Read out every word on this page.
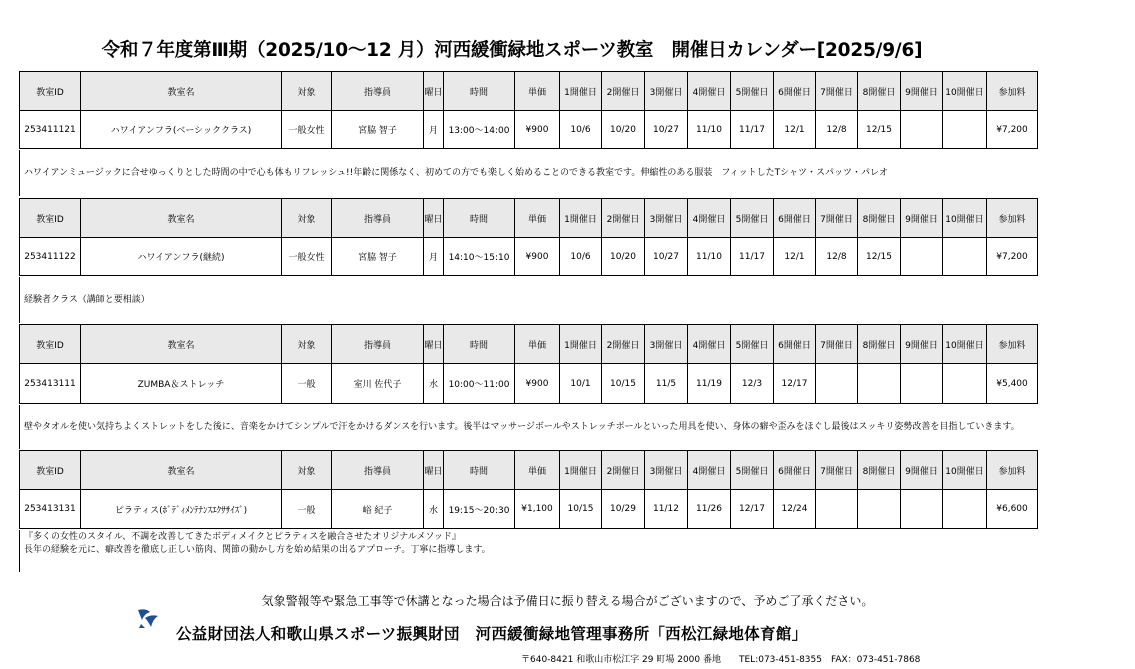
令和７年度第Ⅲ期（2025/10～12 月）河西緩衝緑地スポーツ教室　開催日カレンダー[2025/9/6]
教室ID	教室名	対象	指導員	曜日	時間	単価	1開催日	2開催日	3開催日	4開催日	5開催日	6開催日	7開催日	8開催日	9開催日	10開催日	参加料
253411121	ハワイアンフラ(ベーシッククラス)	一般女性	宮脇 智子	月	13:00～14:00	¥900	10/6	10/20	10/27	11/10	11/17	12/1	12/8	12/15			¥7,200
ハワイアンミュージックに合せゆっくりとした時間の中で心も体もリフレッシュ!!年齢に関係なく、初めての方でも楽しく始めることのできる教室です。伸縮性のある服装　フィットしたTシャツ・スパッツ・パレオ
教室ID	教室名	対象	指導員	曜日	時間	単価	1開催日	2開催日	3開催日	4開催日	5開催日	6開催日	7開催日	8開催日	9開催日	10開催日	参加料
253411122	ハワイアンフラ(継続)	一般女性	宮脇 智子	月	14:10～15:10	¥900	10/6	10/20	10/27	11/10	11/17	12/1	12/8	12/15			¥7,200
経験者クラス（講師と要相談）
教室ID	教室名	対象	指導員	曜日	時間	単価	1開催日	2開催日	3開催日	4開催日	5開催日	6開催日	7開催日	8開催日	9開催日	10開催日	参加料
253413111	ZUMBA＆ストレッチ	一般	室川 佐代子	水	10:00～11:00	¥900	10/1	10/15	11/5	11/19	12/3	12/17					¥5,400
壁やタオルを使い気持ちよくストレットをした後に、音楽をかけてシンプルで汗をかけるダンスを行います。後半はマッサージボールやストレッチポールといった用具を使い、身体の癖や歪みをほぐし最後はスッキリ姿勢改善を目指していきます。
教室ID	教室名	対象	指導員	曜日	時間	単価	1開催日	2開催日	3開催日	4開催日	5開催日	6開催日	7開催日	8開催日	9開催日	10開催日	参加料
253413131	ピラティス(ﾎﾞﾃﾞｨﾒﾝﾃﾅﾝｽｴｸｻｻｲｽﾞ)	一般	峪 紀子	水	19:15～20:30	¥1,100	10/15	10/29	11/12	11/26	12/17	12/24					¥6,600
『多くの女性のスタイル、不調を改善してきたボディメイクとピラティスを融合させたオリジナルメソッド』
長年の経験を元に、癖改善を徹底し正しい筋肉、関節の動かし方を始め結果の出るアプローチ。丁寧に指導します。
気象警報等や緊急工事等で休講となった場合は予備日に振り替える場合がございますので、予めご了承ください。
公益財団法人和歌山県スポーツ振興財団　河西緩衝緑地管理事務所「西松江緑地体育館」
〒640-8421 和歌山市松江字 29 町場 2000 番地　　TEL:073-451-8355　FAX：073-451-7868
